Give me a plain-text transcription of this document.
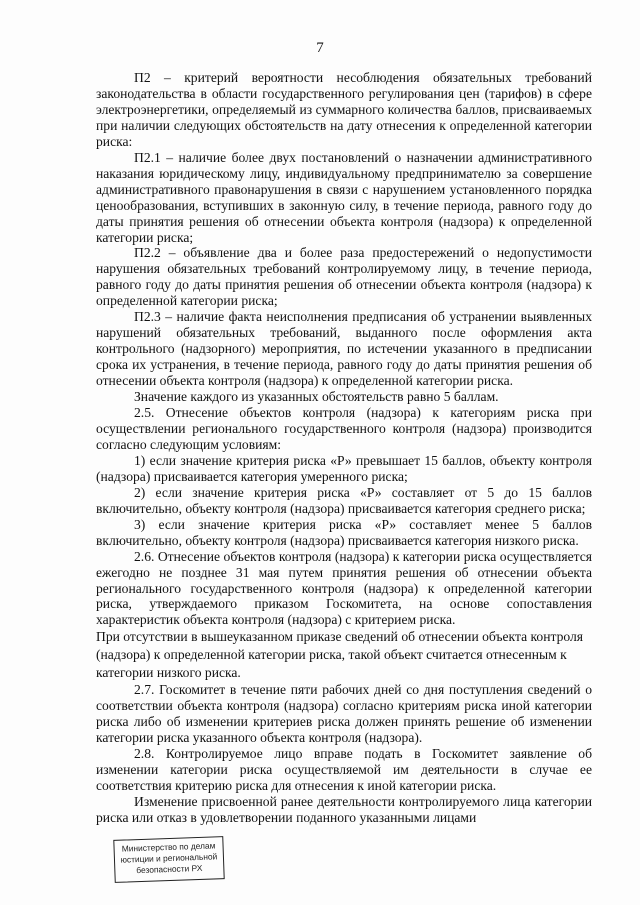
7

П2 – критерий вероятности несоблюдения обязательных требований законодательства в области государственного регулирования цен (тарифов) в сфере электроэнергетики, определяемый из суммарного количества баллов, присваиваемых при наличии следующих обстоятельств на дату отнесения к определенной категории риска:

П2.1 – наличие более двух постановлений о назначении административного наказания юридическому лицу, индивидуальному предпринимателю за совершение административного правонарушения в связи с нарушением установленного порядка ценообразования, вступивших в законную силу, в течение периода, равного году до даты принятия решения об отнесении объекта контроля (надзора) к определенной категории риска;

П2.2 – объявление два и более раза предостережений о недопустимости нарушения обязательных требований контролируемому лицу, в течение периода, равного году до даты принятия решения об отнесении объекта контроля (надзора) к определенной категории риска;

П2.3 – наличие факта неисполнения предписания об устранении выявленных нарушений обязательных требований, выданного после оформления акта контрольного (надзорного) мероприятия, по истечении указанного в предписании срока их устранения, в течение периода, равного году до даты принятия решения об отнесении объекта контроля (надзора) к определенной категории риска.

Значение каждого из указанных обстоятельств равно 5 баллам.

2.5. Отнесение объектов контроля (надзора) к категориям риска при осуществлении регионального государственного контроля (надзора) производится согласно следующим условиям:

1) если значение критерия риска «Р» превышает 15 баллов, объекту контроля (надзора) присваивается категория умеренного риска;

2) если значение критерия риска «Р» составляет от 5 до 15 баллов включительно, объекту контроля (надзора) присваивается категория среднего риска;

3) если значение критерия риска «Р» составляет менее 5 баллов включительно, объекту контроля (надзора) присваивается категория низкого риска.

2.6. Отнесение объектов контроля (надзора) к категории риска осуществляется ежегодно не позднее 31 мая путем принятия решения об отнесении объекта регионального государственного контроля (надзора) к определенной категории риска, утверждаемого приказом Госкомитета, на основе сопоставления характеристик объекта контроля (надзора) с критерием риска.

При отсутствии в вышеуказанном приказе сведений об отнесении объекта контроля (надзора) к определенной категории риска, такой объект считается отнесенным к категории низкого риска.

2.7. Госкомитет в течение пяти рабочих дней со дня поступления сведений о соответствии объекта контроля (надзора) согласно критериям риска иной категории риска либо об изменении критериев риска должен принять решение об изменении категории риска указанного объекта контроля (надзора).

2.8. Контролируемое лицо вправе подать в Госкомитет заявление об изменении категории риска осуществляемой им деятельности в случае ее соответствия критерию риска для отнесения к иной категории риска.

Изменение присвоенной ранее деятельности контролируемого лица категории риска или отказ в удовлетворении поданного указанными лицами

Министерство по делам
юстиции и региональной
безопасности РХ
